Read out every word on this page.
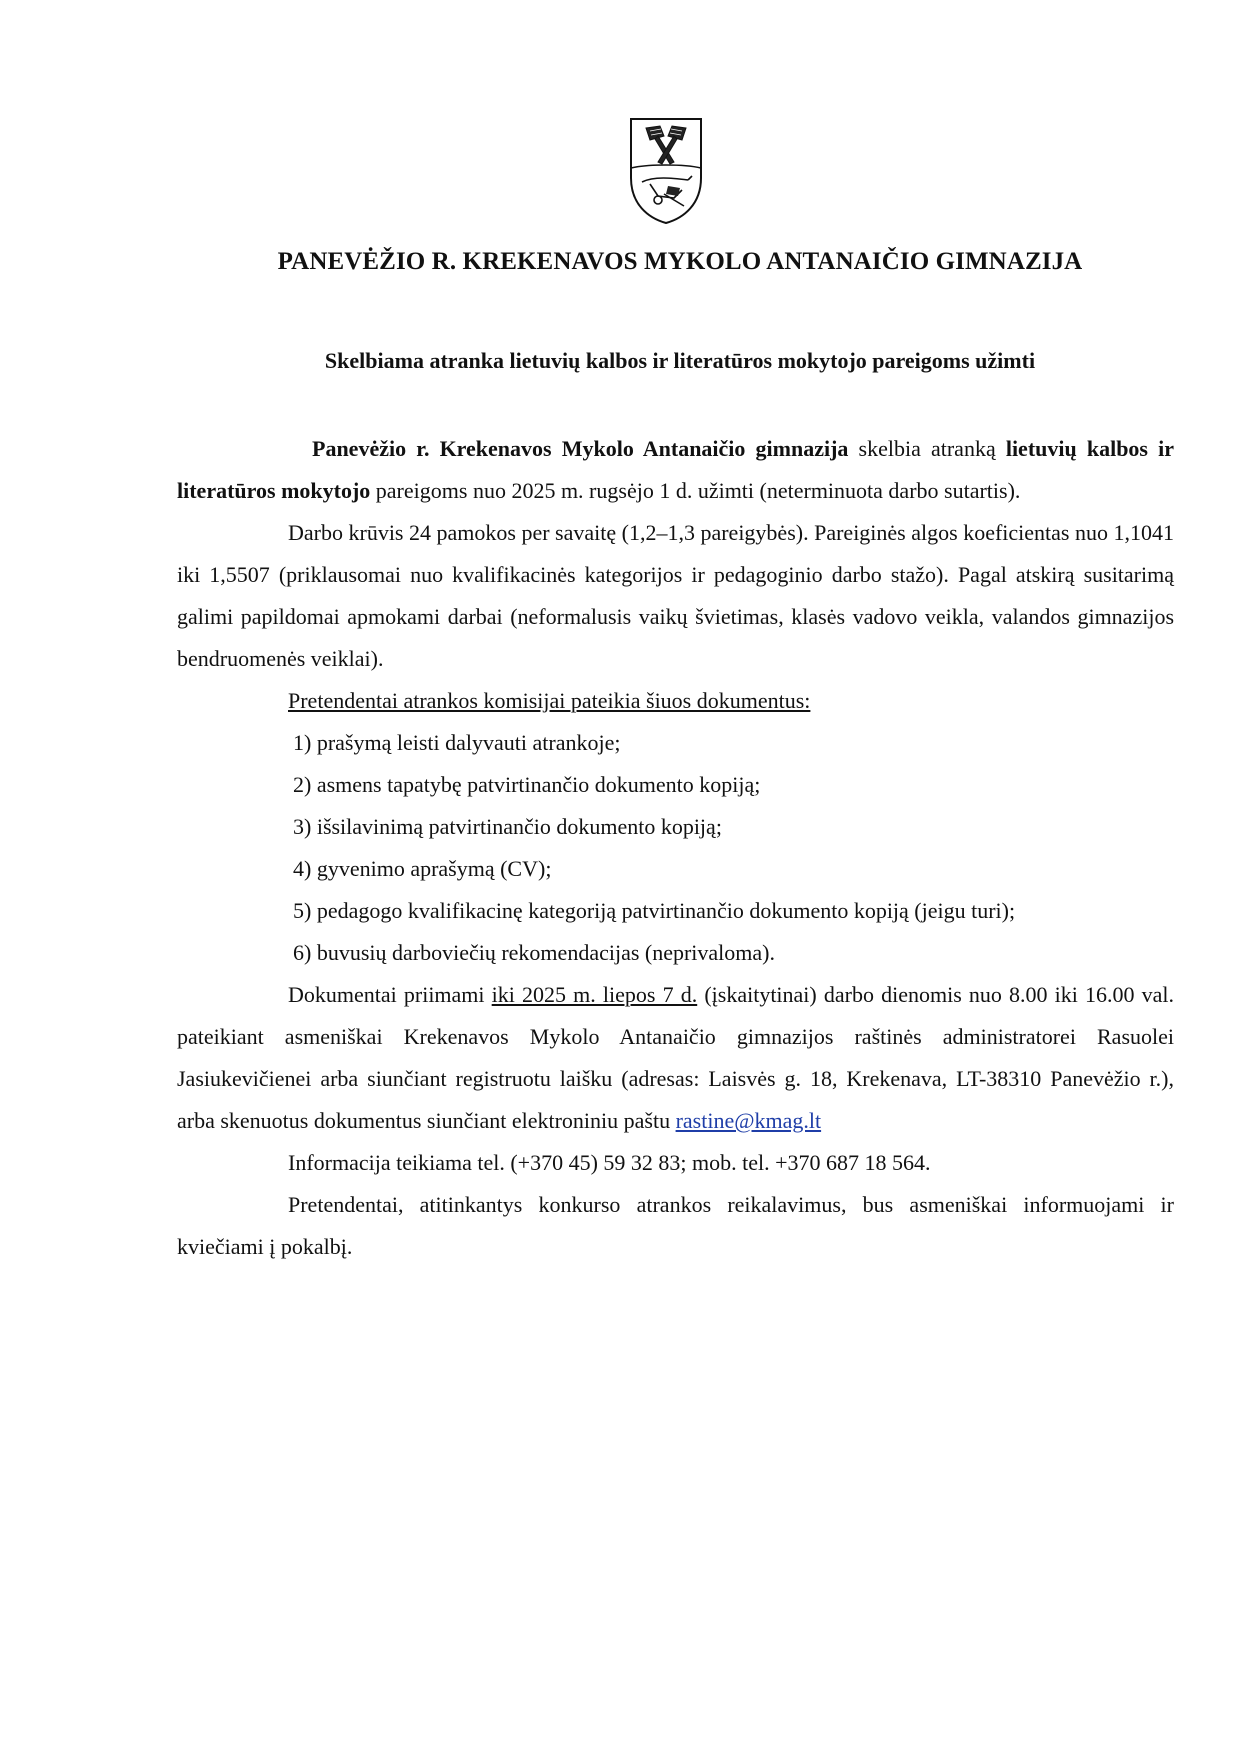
PANEVĖŽIO R. KREKENAVOS MYKOLO ANTANAIČIO GIMNAZIJA
Skelbiama atranka lietuvių kalbos ir literatūros mokytojo pareigoms užimti

Panevėžio r. Krekenavos Mykolo Antanaičio gimnazija skelbia atranką lietuvių kalbos ir literatūros mokytojo pareigoms nuo 2025 m. rugsėjo 1 d. užimti (neterminuota darbo sutartis).

Darbo krūvis 24 pamokos per savaitę (1,2–1,3 pareigybės). Pareiginės algos koeficientas nuo 1,1041 iki 1,5507 (priklausomai nuo kvalifikacinės kategorijos ir pedagoginio darbo stažo). Pagal atskirą susitarimą galimi papildomai apmokami darbai (neformalusis vaikų švietimas, klasės vadovo veikla, valandos gimnazijos bendruomenės veiklai).

Pretendentai atrankos komisijai pateikia šiuos dokumentus:

1) prašymą leisti dalyvauti atrankoje;

2) asmens tapatybę patvirtinančio dokumento kopiją;

3) išsilavinimą patvirtinančio dokumento kopiją;

4) gyvenimo aprašymą (CV);

5) pedagogo kvalifikacinę kategoriją patvirtinančio dokumento kopiją (jeigu turi);

6) buvusių darboviečių rekomendacijas (neprivaloma).

Dokumentai priimami iki 2025 m. liepos 7 d. (įskaitytinai) darbo dienomis nuo 8.00 iki 16.00 val. pateikiant asmeniškai Krekenavos Mykolo Antanaičio gimnazijos raštinės administratorei Rasuolei Jasiukevičienei arba siunčiant registruotu laišku (adresas: Laisvės g. 18, Krekenava, LT-38310 Panevėžio r.), arba skenuotus dokumentus siunčiant elektroniniu paštu rastine@kmag.lt

Informacija teikiama tel. (+370 45) 59 32 83; mob. tel. +370 687 18 564.

Pretendentai, atitinkantys konkurso atrankos reikalavimus, bus asmeniškai informuojami ir kviečiami į pokalbį.
